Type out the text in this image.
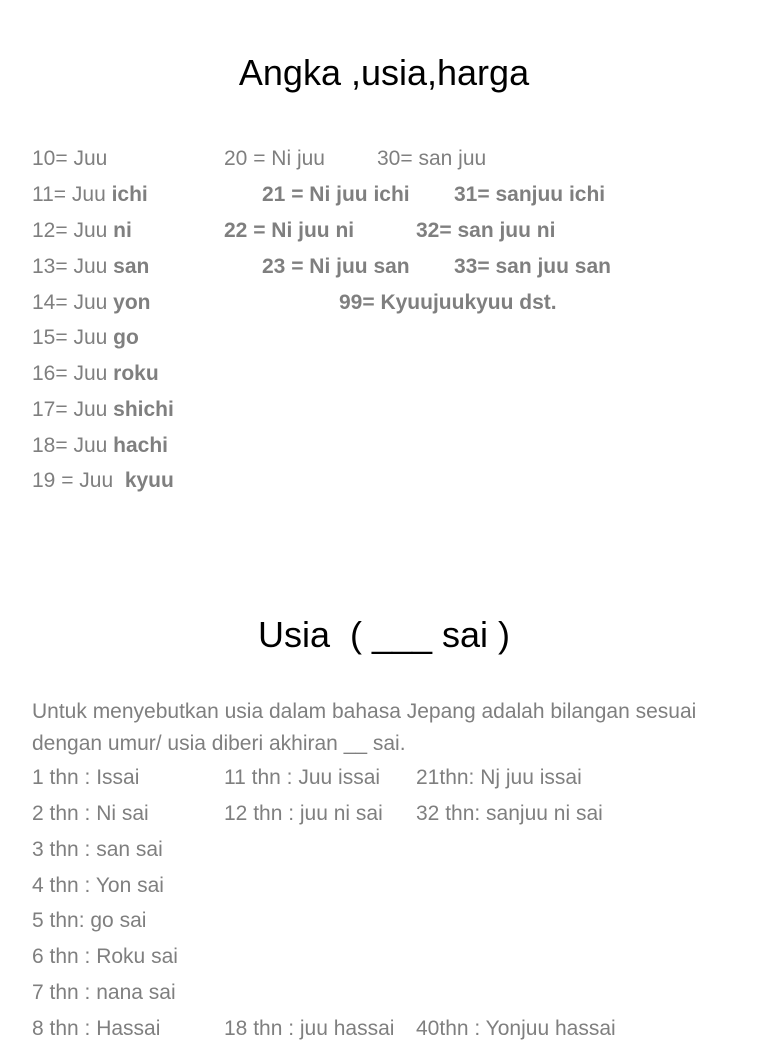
Angka ,usia,harga
10= Juu
11= Juu ichi
12= Juu ni
13= Juu san
14= Juu yon
15= Juu go
16= Juu roku
17= Juu shichi
18= Juu hachi
19 = Juu  kyuu
20 = Ni juu
21 = Ni juu ichi
22 = Ni juu ni
23 = Ni juu san
30= san juu
31= sanjuu ichi
32= san juu ni
33= san juu san
99= Kyuujuukyuu dst.
Usia  ( ___ sai )
Untuk menyebutkan usia dalam bahasa Jepang adalah bilangan sesuai dengan umur/ usia diberi akhiran __ sai.
1 thn : Issai
2 thn : Ni sai
3 thn : san sai
4 thn : Yon sai
5 thn: go sai
6 thn : Roku sai
7 thn : nana sai
8 thn : Hassai
11 thn : Juu issai
12 thn : juu ni sai
18 thn : juu hassai
21thn: Nj juu issai
32 thn: sanjuu ni sai
40thn : Yonjuu hassai
